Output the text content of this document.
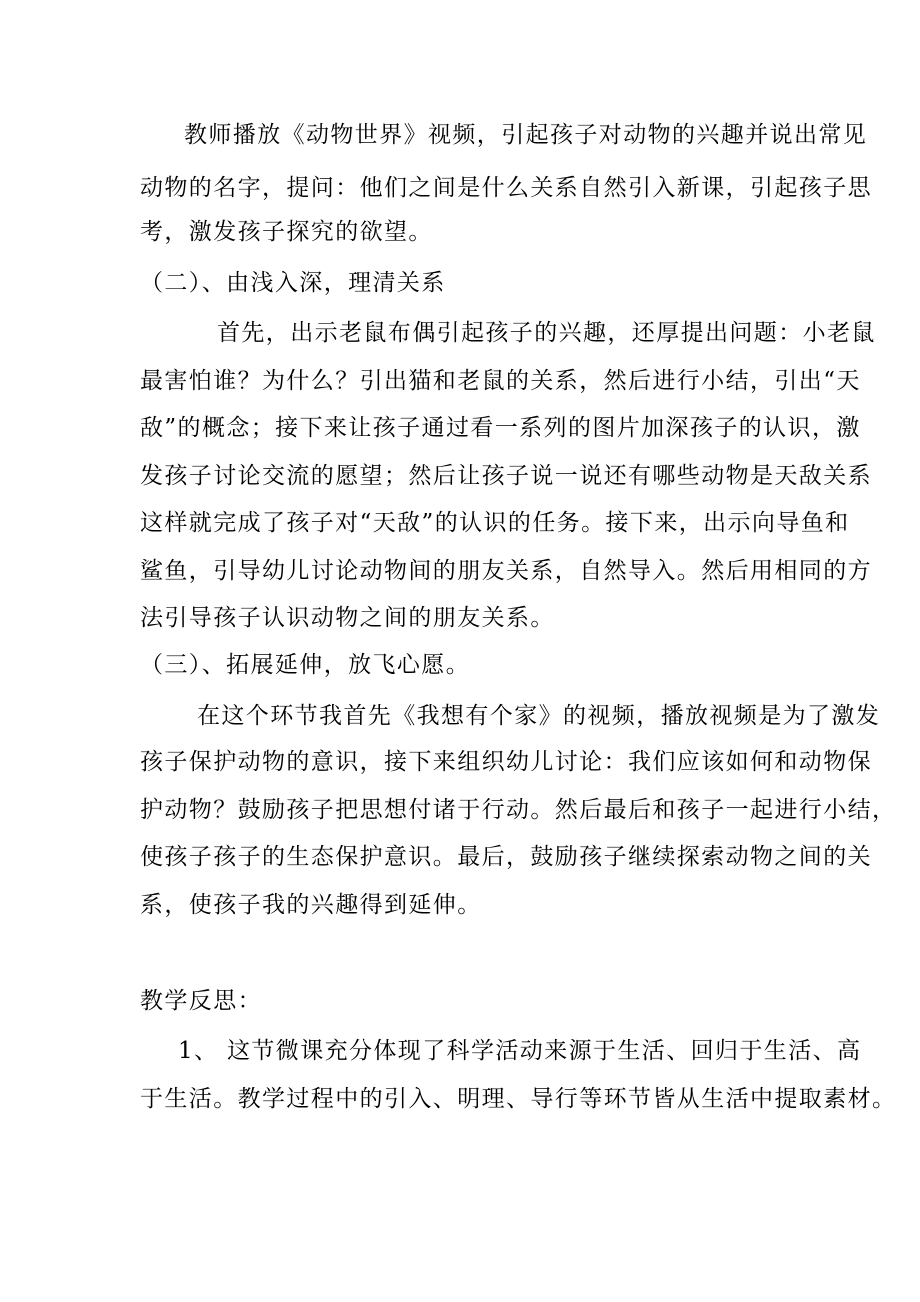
教师播放《动物世界》视频，引起孩子对动物的兴趣并说出常见
动物的名字，提问：他们之间是什么关系自然引入新课，引起孩子思
考，激发孩子探究的欲望。
（二）、由浅入深，理清关系
首先，出示老鼠布偶引起孩子的兴趣，还厚提出问题：小老鼠
最害怕谁？为什么？引出猫和老鼠的关系，然后进行小结，引出“天
敌”的概念；接下来让孩子通过看一系列的图片加深孩子的认识，激
发孩子讨论交流的愿望；然后让孩子说一说还有哪些动物是天敌关系
这样就完成了孩子对“天敌”的认识的任务。接下来，出示向导鱼和
鲨鱼，引导幼儿讨论动物间的朋友关系，自然导入。然后用相同的方
法引导孩子认识动物之间的朋友关系。
（三）、拓展延伸，放飞心愿。
在这个环节我首先《我想有个家》的视频，播放视频是为了激发
孩子保护动物的意识，接下来组织幼儿讨论：我们应该如何和动物保
护动物？鼓励孩子把思想付诸于行动。然后最后和孩子一起进行小结，
使孩子孩子的生态保护意识。最后，鼓励孩子继续探索动物之间的关
系，使孩子我的兴趣得到延伸。
教学反思：
1、 这节微课充分体现了科学活动来源于生活、回归于生活、高
于生活。教学过程中的引入、明理、导行等环节皆从生活中提取素材。
